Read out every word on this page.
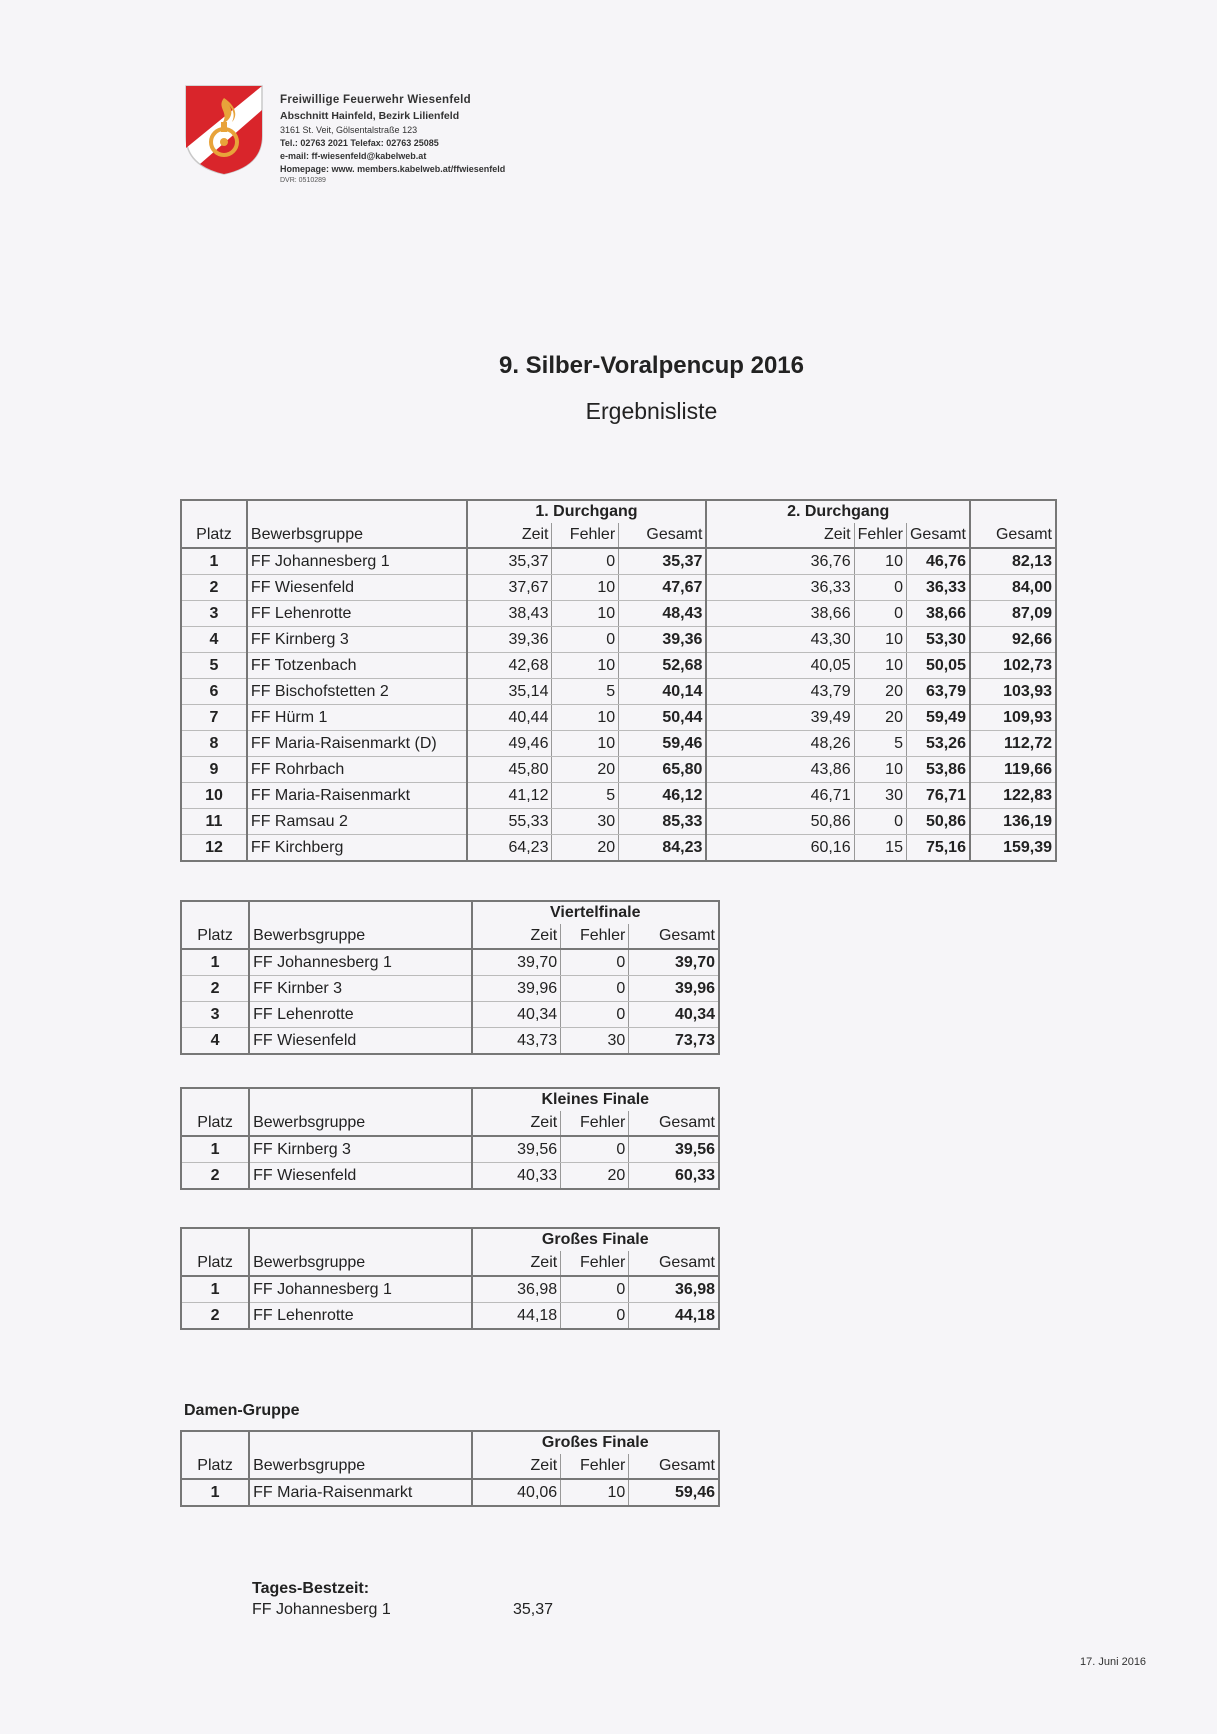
Freiwillige Feuerwehr Wiesenfeld
Abschnitt Hainfeld, Bezirk Lilienfeld
3161 St. Veit, Gölsentalstraße 123
Tel.: 02763 2021 Telefax: 02763 25085
e-mail: ff-wiesenfeld@kabelweb.at
Homepage: www. members.kabelweb.at/ffwiesenfeld
DVR: 0510289
9. Silber-Voralpencup 2016
Ergebnisliste
		1. Durchgang			2. Durchgang			
Platz	Bewerbsgruppe	Zeit	Fehler	Gesamt	Zeit	Fehler	Gesamt	Gesamt
1	FF Johannesberg 1	35,37	0	35,37	36,76	10	46,76	82,13
2	FF Wiesenfeld	37,67	10	47,67	36,33	0	36,33	84,00
3	FF Lehenrotte	38,43	10	48,43	38,66	0	38,66	87,09
4	FF Kirnberg 3	39,36	0	39,36	43,30	10	53,30	92,66
5	FF Totzenbach	42,68	10	52,68	40,05	10	50,05	102,73
6	FF Bischofstetten 2	35,14	5	40,14	43,79	20	63,79	103,93
7	FF Hürm 1	40,44	10	50,44	39,49	20	59,49	109,93
8	FF Maria-Raisenmarkt (D)	49,46	10	59,46	48,26	5	53,26	112,72
9	FF Rohrbach	45,80	20	65,80	43,86	10	53,86	119,66
10	FF Maria-Raisenmarkt	41,12	5	46,12	46,71	30	76,71	122,83
11	FF Ramsau 2	55,33	30	85,33	50,86	0	50,86	136,19
12	FF Kirchberg	64,23	20	84,23	60,16	15	75,16	159,39
		Viertelfinale		
Platz	Bewerbsgruppe	Zeit	Fehler	Gesamt
1	FF Johannesberg 1	39,70	0	39,70
2	FF Kirnber 3	39,96	0	39,96
3	FF Lehenrotte	40,34	0	40,34
4	FF Wiesenfeld	43,73	30	73,73
		Kleines Finale		
Platz	Bewerbsgruppe	Zeit	Fehler	Gesamt
1	FF Kirnberg 3	39,56	0	39,56
2	FF Wiesenfeld	40,33	20	60,33
		Großes Finale		
Platz	Bewerbsgruppe	Zeit	Fehler	Gesamt
1	FF Johannesberg 1	36,98	0	36,98
2	FF Lehenrotte	44,18	0	44,18
Damen-Gruppe
		Großes Finale		
Platz	Bewerbsgruppe	Zeit	Fehler	Gesamt
1	FF Maria-Raisenmarkt	40,06	10	59,46
Tages-Bestzeit:
FF Johannesberg 1	35,37
17. Juni 2016
